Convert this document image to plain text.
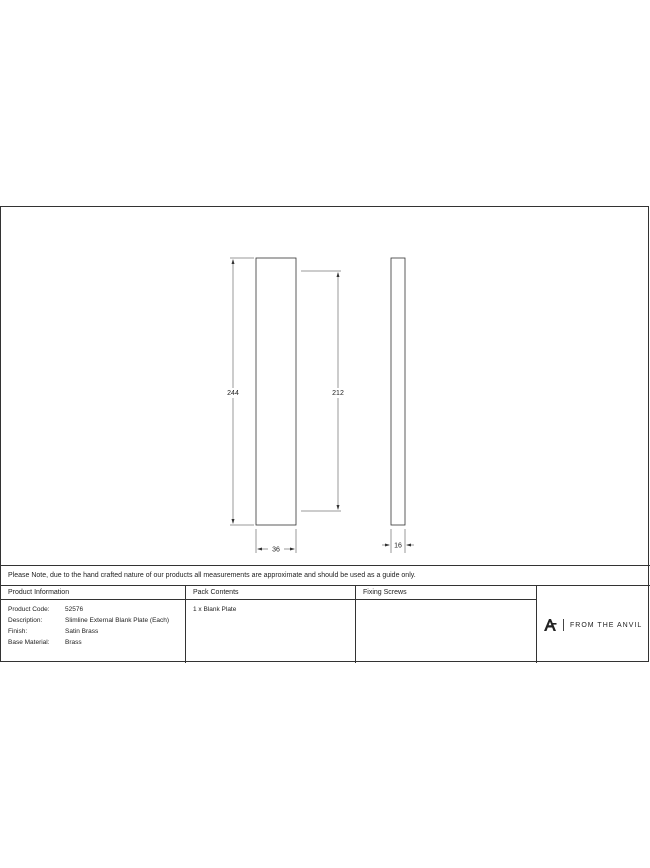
244	212
36
16
Please Note, due to the hand crafted nature of our products all measurements are approximate and should be used as a guide only.
Product Information
Product Code:	52576
Description:	Slimline External Blank Plate (Each)
Finish:	Satin Brass
Base Material:	Brass
Pack Contents
1 x Blank Plate
Fixing Screws
FROM THE ANVIL
